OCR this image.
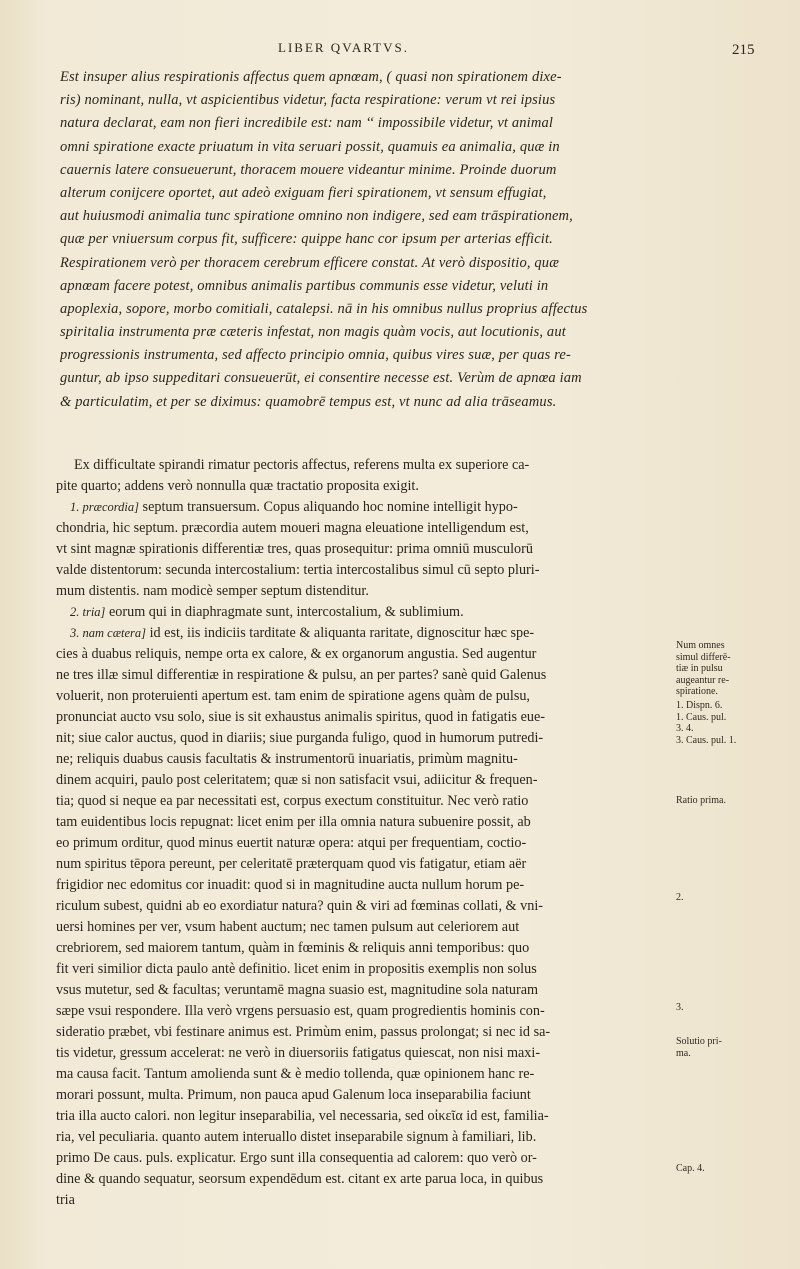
LIBER QVARTVS.	215
Est insuper alius respirationis affectus quem apnœam, ( quasi non spirationem dixe-
ris) nominant, nulla, vt aspicientibus videtur, facta respiratione: verum vt rei ipsius
natura declarat, eam non fieri incredibile est: nam ‘‘ impossibile videtur, vt animal
omni spiratione exacte priuatum in vita seruari possit, quamuis ea animalia, quæ in
cauernis latere consueuerunt, thoracem mouere videantur minime. Proinde duorum
alterum conijcere oportet, aut adeò exiguam fieri spirationem, vt sensum effugiat,
aut huiusmodi animalia tunc spiratione omnino non indigere, sed eam trāspirationem,
quæ per vniuersum corpus fit, sufficere: quippe hanc cor ipsum per arterias efficit.
Respirationem verò per thoracem cerebrum efficere constat. At verò dispositio, quæ
apnœam facere potest, omnibus animalis partibus communis esse videtur, veluti in
apoplexia, sopore, morbo comitiali, catalepsi. nā in his omnibus nullus proprius affectus
spiritalia instrumenta præ cæteris infestat, non magis quàm vocis, aut locutionis, aut
progressionis instrumenta, sed affecto principio omnia, quibus vires suæ, per quas re-
guntur, ab ipso suppeditari consueuerūt, ei consentire necesse est. Verùm de apnœa iam
& particulatim, et per se diximus: quamobrē tempus est, vt nunc ad alia trāseamus.
Ex difficultate spirandi rimatur pectoris affectus, referens multa ex superiore ca-
pite quarto; addens verò nonnulla quæ tractatio proposita exigit.
1. præcordia] septum transuersum. Copus aliquando hoc nomine intelligit hypo-
chondria, hic septum. præcordia autem moueri magna eleuatione intelligendum est,
vt sint magnæ spirationis differentiæ tres, quas prosequitur: prima omniū musculorū
valde distentorum: secunda intercostalium: tertia intercostalibus simul cū septo pluri-
mum distentis. nam modicè semper septum distenditur.
2. tria] eorum qui in diaphragmate sunt, intercostalium, & sublimium.
3. nam cætera] id est, iis indiciis tarditate & aliquanta raritate, dignoscitur hæc spe-
cies à duabus reliquis, nempe orta ex calore, & ex organorum angustia. Sed augentur
ne tres illæ simul differentiæ in respiratione & pulsu, an per partes? sanè quid Galenus
voluerit, non proteruienti apertum est. tam enim de spiratione agens quàm de pulsu,
pronunciat aucto vsu solo, siue is sit exhaustus animalis spiritus, quod in fatigatis eue-
nit; siue calor auctus, quod in diariis; siue purganda fuligo, quod in humorum putredi-
ne; reliquis duabus causis facultatis & instrumentorū inuariatis, primùm magnitu-
dinem acquiri, paulo post celeritatem; quæ si non satisfacit vsui, adiicitur & frequen-
tia; quod si neque ea par necessitati est, corpus exectum constituitur. Nec verò ratio
tam euidentibus locis repugnat: licet enim per illa omnia natura subuenire possit, ab
eo primum orditur, quod minus euertit naturæ opera: atqui per frequentiam, coctio-
num spiritus tēpora pereunt, per celeritatē præterquam quod vis fatigatur, etiam aër
frigidior nec edomitus cor inuadit: quod si in magnitudine aucta nullum horum pe-
riculum subest, quidni ab eo exordiatur natura? quin & viri ad fœminas collati, & vni-
uersi homines per ver, vsum habent auctum; nec tamen pulsum aut celeriorem aut
crebriorem, sed maiorem tantum, quàm in fœminis & reliquis anni temporibus: quo
fit veri similior dicta paulo antè definitio. licet enim in propositis exemplis non solus
vsus mutetur, sed & facultas; veruntamē magna suasio est, magnitudine sola naturam
sæpe vsui respondere. Illa verò vrgens persuasio est, quam progredientis hominis con-
sideratio præbet, vbi festinare animus est. Primùm enim, passus prolongat; si nec id sa-
tis videtur, gressum accelerat: ne verò in diuersoriis fatigatus quiescat, non nisi maxi-
ma causa facit. Tantum amolienda sunt & è medio tollenda, quæ opinionem hanc re-
morari possunt, multa. Primum, non pauca apud Galenum loca inseparabilia faciunt
tria illa aucto calori. non legitur inseparabilia, vel necessaria, sed οἰκεῖα id est, familia-
ria, vel peculiaria. quanto autem interuallo distet inseparabile signum à familiari, lib.
primo De caus. puls. explicatur. Ergo sunt illa consequentia ad calorem: quo verò or-
dine & quando sequatur, seorsum expendēdum est. citant ex arte parua loca, in quibus
tria
Num omnes
simul differē-
tiæ in pulsu
augeantur re-
spiratione.
1. Dispn. 6.
1. Caus. pul.
3. 4.
3. Caus. pul. 1.
Ratio prima.
2.
3.
Solutio pri-
ma.
Cap. 4.
